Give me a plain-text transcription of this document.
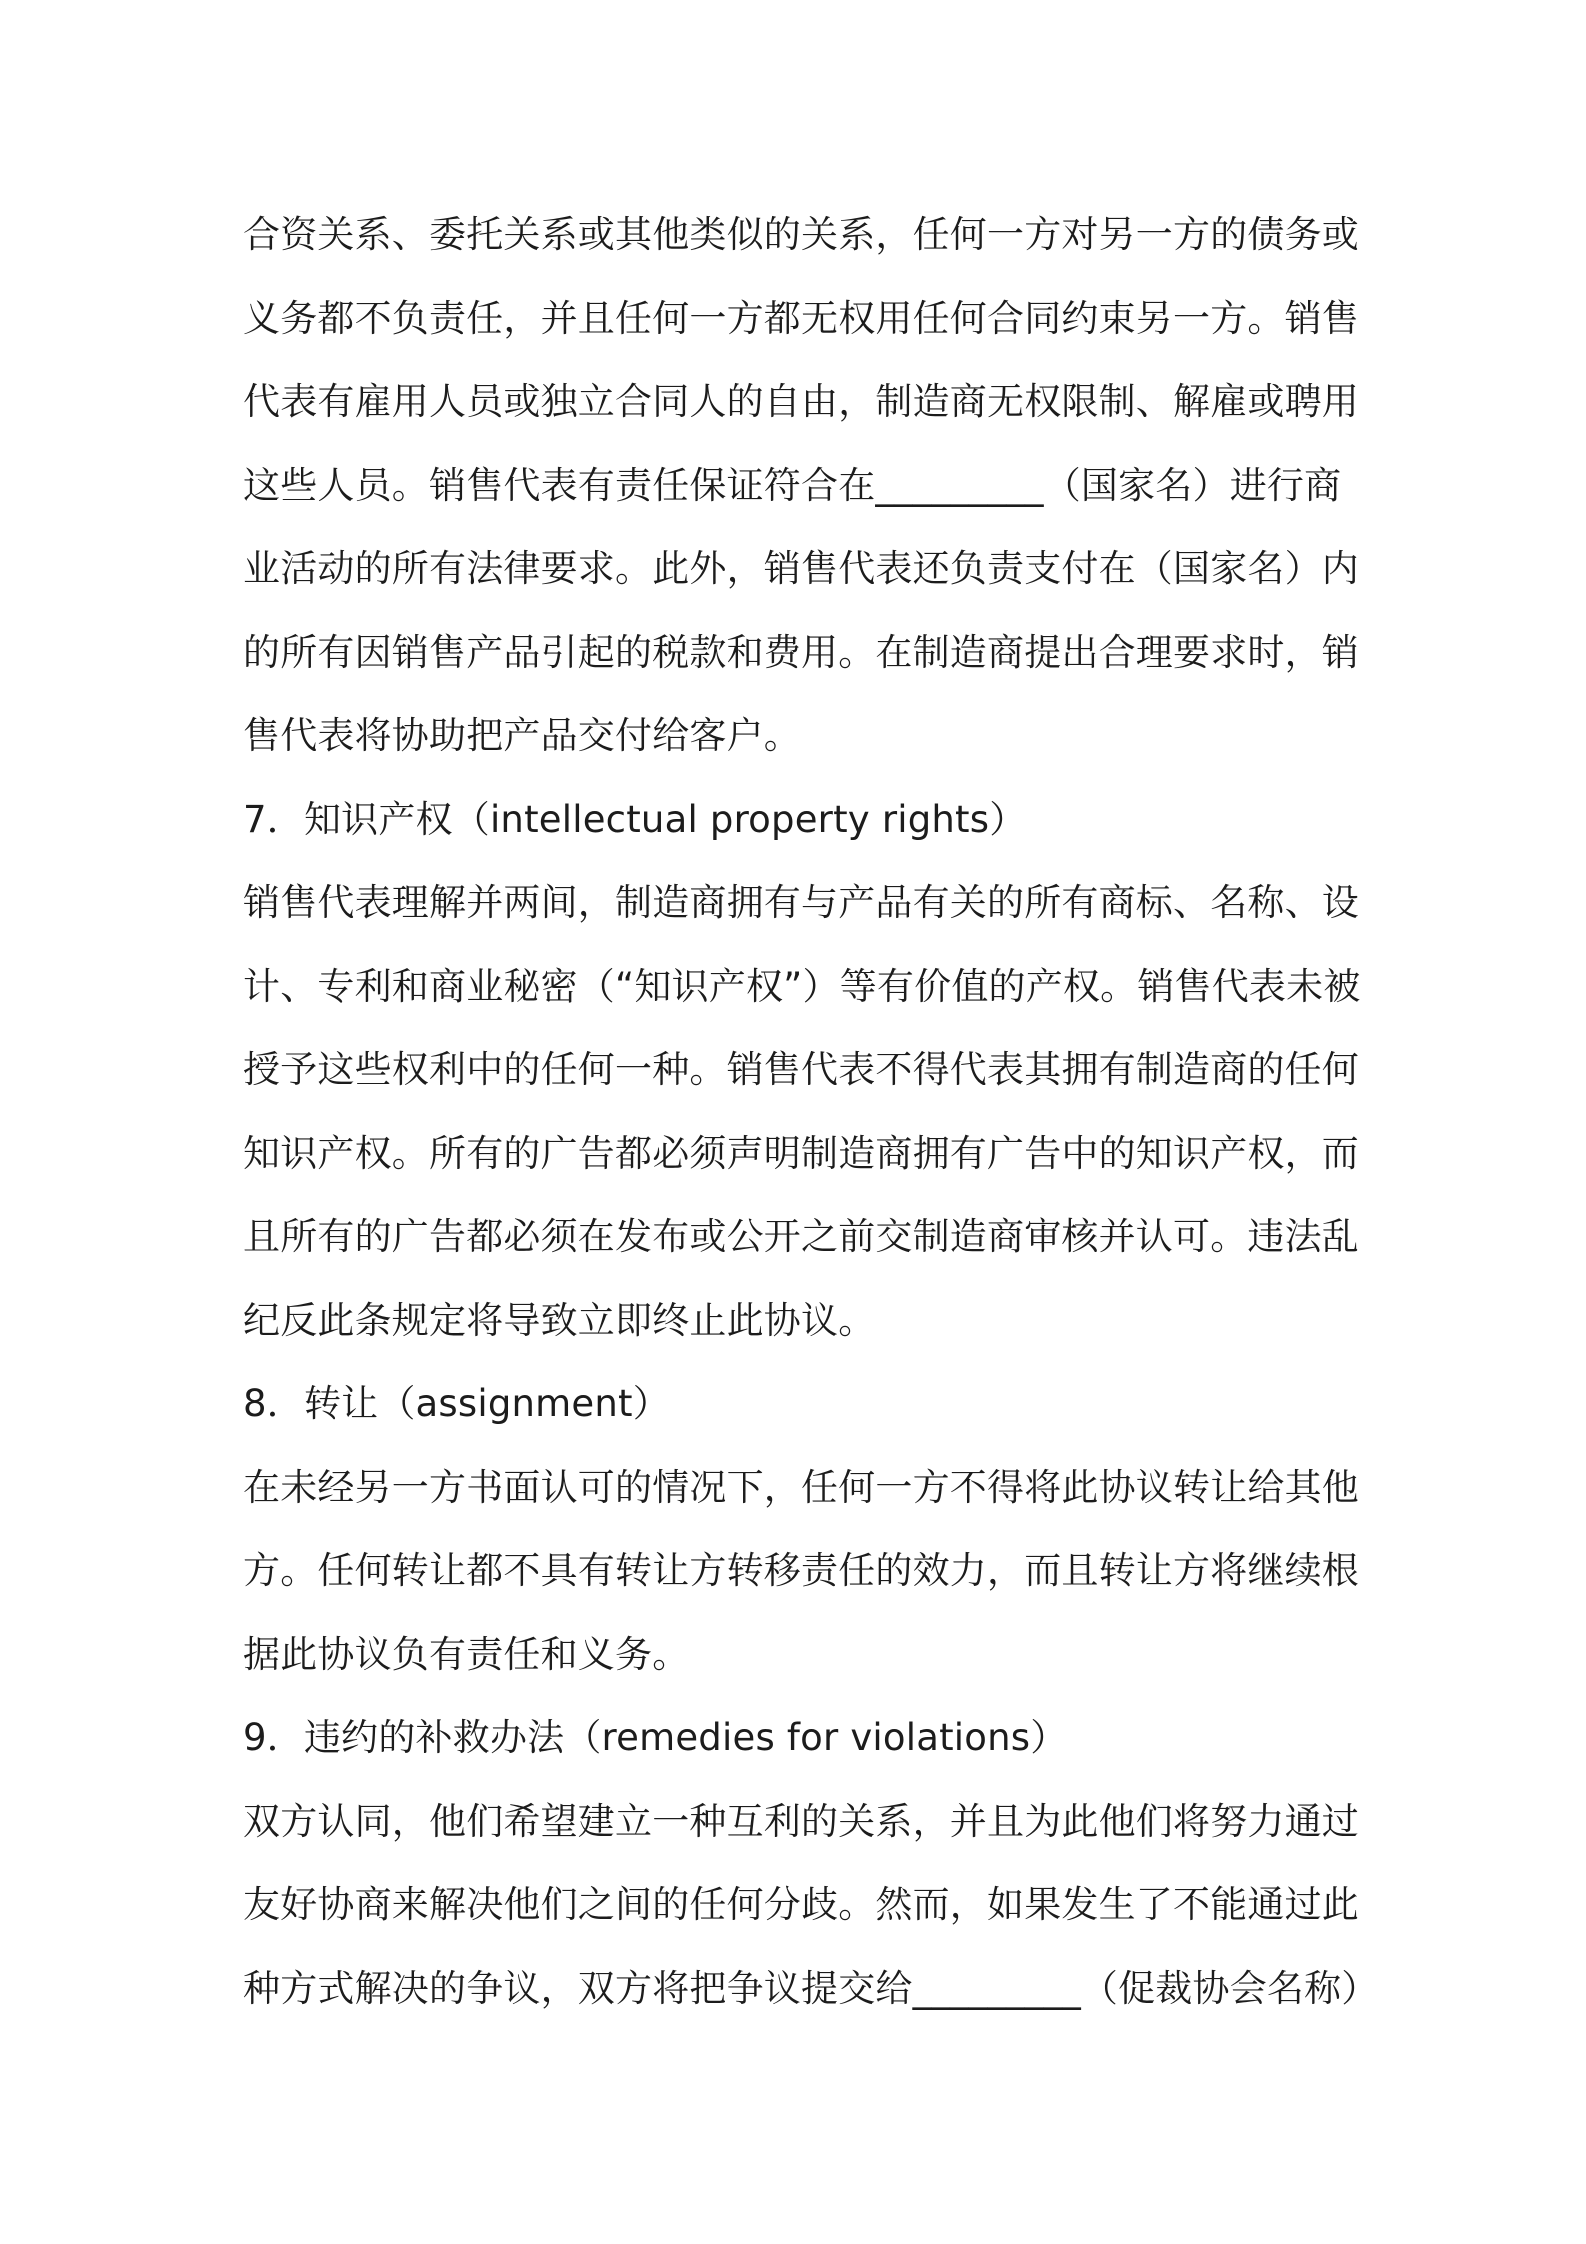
合资关系、委托关系或其他类似的关系，任何一方对另一方的债务或
义务都不负责任，并且任何一方都无权用任何合同约束另一方。销售
代表有雇用人员或独立合同人的自由，制造商无权限制、解雇或聘用
这些人员。销售代表有责任保证符合在_________（国家名）进行商
业活动的所有法律要求。此外，销售代表还负责支付在（国家名）内
的所有因销售产品引起的税款和费用。在制造商提出合理要求时，销
售代表将协助把产品交付给客户。
7．知识产权（intellectual property rights）
销售代表理解并两间，制造商拥有与产品有关的所有商标、名称、设
计、专利和商业秘密（“知识产权”）等有价值的产权。销售代表未被
授予这些权利中的任何一种。销售代表不得代表其拥有制造商的任何
知识产权。所有的广告都必须声明制造商拥有广告中的知识产权，而
且所有的广告都必须在发布或公开之前交制造商审核并认可。违法乱
纪反此条规定将导致立即终止此协议。
8．转让（assignment）
在未经另一方书面认可的情况下，任何一方不得将此协议转让给其他
方。任何转让都不具有转让方转移责任的效力，而且转让方将继续根
据此协议负有责任和义务。
9．违约的补救办法（remedies for violations）
双方认同，他们希望建立一种互利的关系，并且为此他们将努力通过
友好协商来解决他们之间的任何分歧。然而，如果发生了不能通过此
种方式解决的争议，双方将把争议提交给_________（促裁协会名称）
